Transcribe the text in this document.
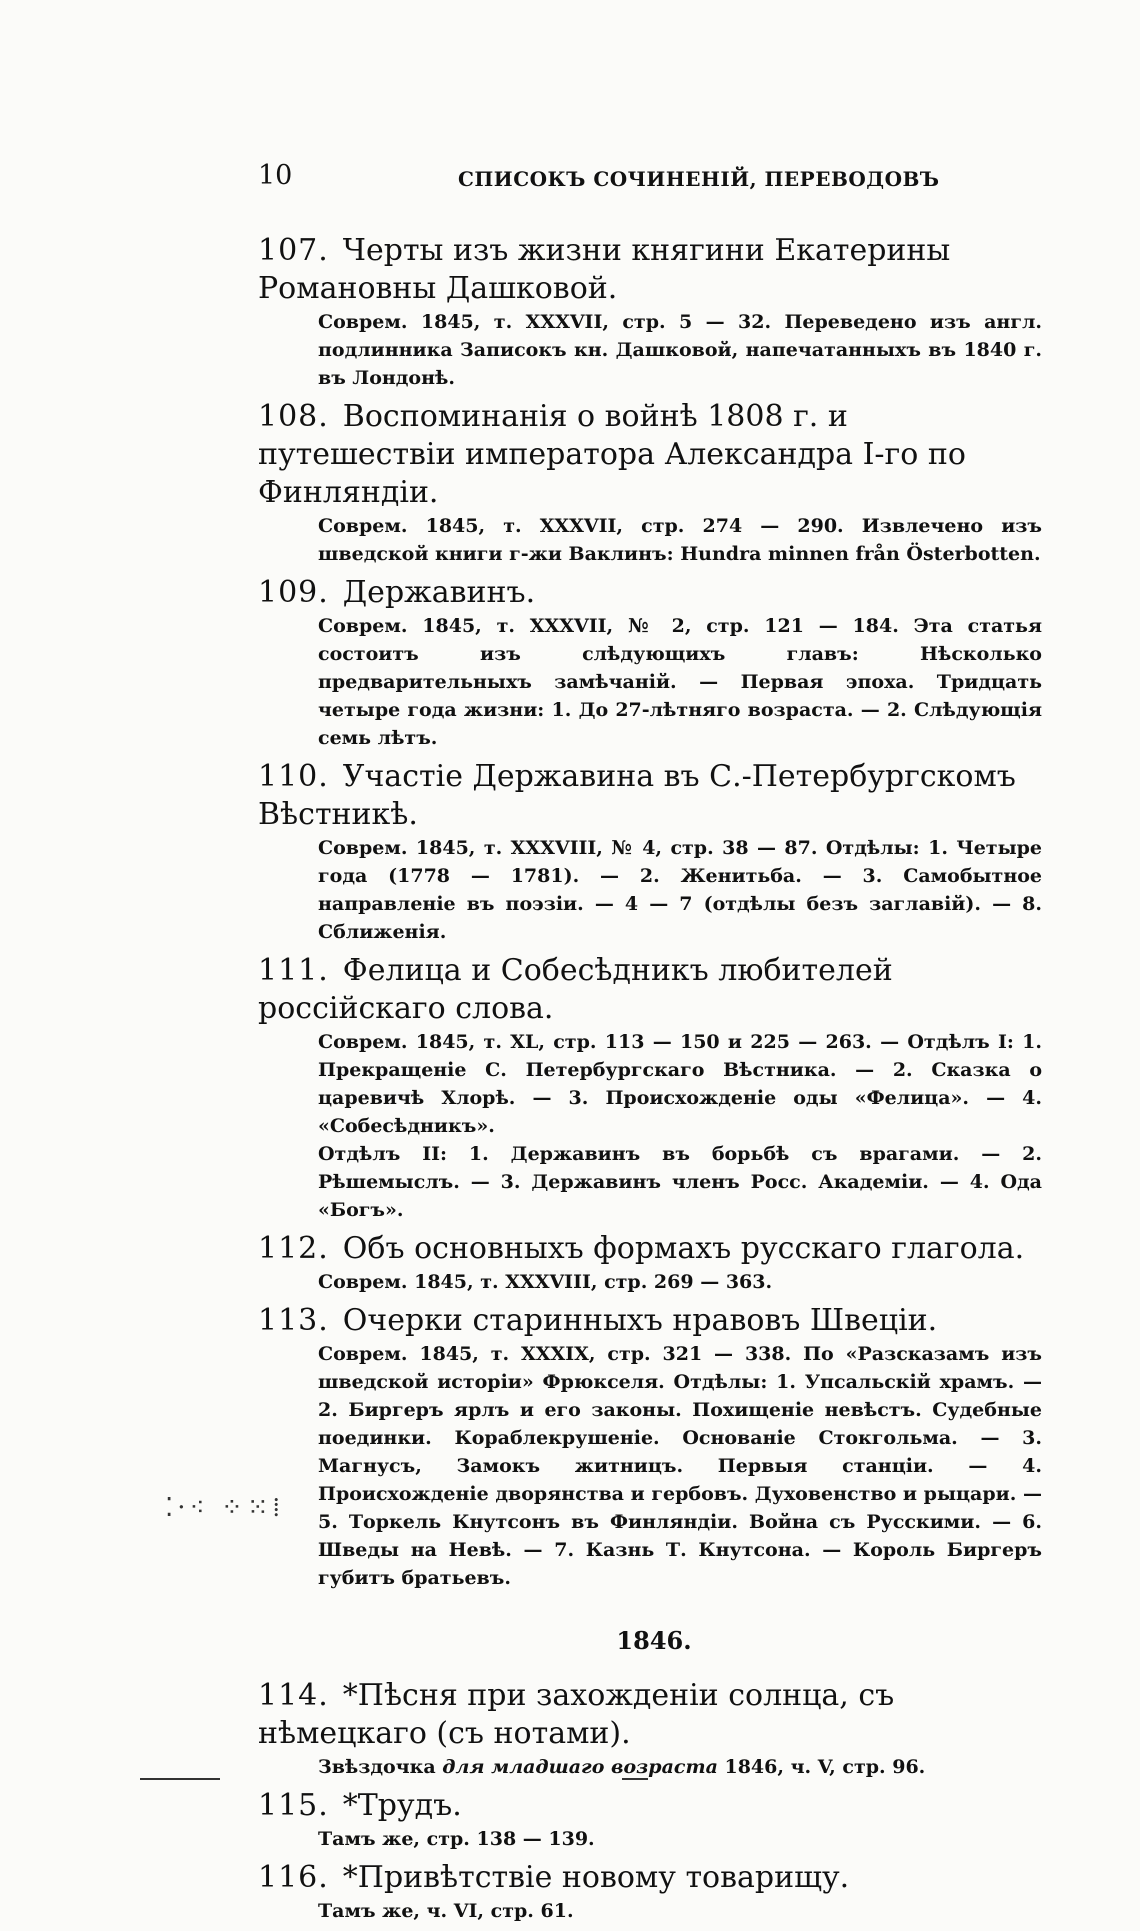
10	СПИСОКЪ СОЧИНЕНІЙ, ПЕРЕВОДОВЪ

107. Черты изъ жизни княгини Екатерины Романовны Дашковой.

Соврем. 1845, т. XXXVII, стр. 5 — 32. Переведено изъ англ. подлинника Записокъ кн. Дашковой, напечатанныхъ въ 1840 г. въ Лондонѣ.

108. Воспоминанія о войнѣ 1808 г. и путешествіи императора Александра І-го по Финляндіи.

Соврем. 1845, т. XXXVII, стр. 274 — 290. Извлечено изъ шведской книги г-жи Ваклинъ: Hundra minnen från Österbotten.

109. Державинъ.

Соврем. 1845, т. XXXVII, № 2, стр. 121 — 184. Эта статья состоитъ изъ слѣдующихъ главъ: Нѣсколько предварительныхъ замѣчаній. — Первая эпоха. Тридцать четыре года жизни: 1. До 27-лѣтняго возраста. — 2. Слѣдующія семь лѣтъ.

110. Участіе Державина въ С.-Петербургскомъ Вѣстникѣ.

Соврем. 1845, т. XXXVIII, № 4, стр. 38 — 87. Отдѣлы: 1. Четыре года (1778 — 1781). — 2. Женитьба. — 3. Самобытное направленіе въ поэзіи. — 4 — 7 (отдѣлы безъ заглавій). — 8. Сближенія.

111. Фелица и Собесѣдникъ любителей россійскаго слова.

Соврем. 1845, т. XL, стр. 113 — 150 и 225 — 263. — Отдѣлъ I: 1. Прекращеніе С. Петербургскаго Вѣстника. — 2. Сказка о царевичѣ Хлорѣ. — 3. Происхожденіе оды «Фелица». — 4. «Собесѣдникъ».

Отдѣлъ II: 1. Державинъ въ борьбѣ съ врагами. — 2. Рѣшемыслъ. — 3. Державинъ членъ Росс. Академіи. — 4. Ода «Богъ».

112. Объ основныхъ формахъ русскаго глагола.

Соврем. 1845, т. XXXVIII, стр. 269 — 363.

113. Очерки старинныхъ нравовъ Швеціи.

Соврем. 1845, т. XXXIX, стр. 321 — 338. По «Разсказамъ изъ шведской исторіи» Фрюкселя. Отдѣлы: 1. Упсальскій храмъ. — 2. Биргеръ ярлъ и его законы. Похищеніе невѣстъ. Судебные поединки. Кораблекрушеніе. Основаніе Стокгольма. — 3. Магнусъ, Замокъ житницъ. Первыя станціи. — 4. Происхожденіе дворянства и гербовъ. Духовенство и рыцари. — 5. Торкель Кнутсонъ въ Финляндіи. Война съ Русскими. — 6. Шведы на Невѣ. — 7. Казнь Т. Кнутсона. — Король Биргеръ губитъ братьевъ.

1846.

114. *Пѣсня при захожденіи солнца, съ нѣмецкаго (съ нотами).

Звѣздочка для младшаго возраста 1846, ч. V, стр. 96.

115. *Трудъ.

Тамъ же, стр. 138 — 139.

116. *Привѣтствіе новому товарищу.

Тамъ же, ч. VI, стр. 61.

⁚·⁖ ⁘⁙⁞
